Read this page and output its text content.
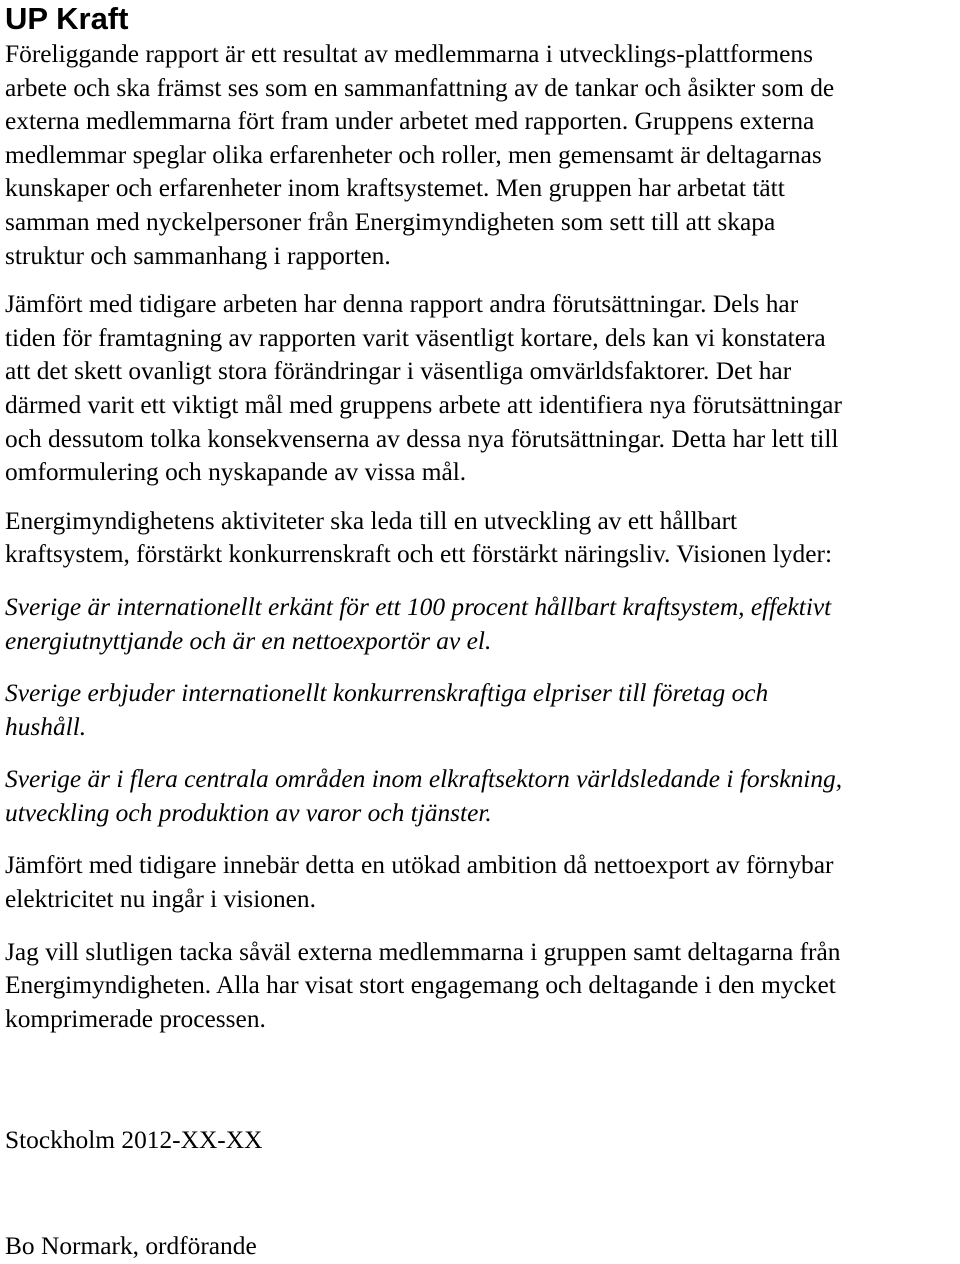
UP Kraft

Föreliggande rapport är ett resultat av medlemmarna i utvecklings-plattformens
arbete och ska främst ses som en sammanfattning av de tankar och åsikter som de
externa medlemmarna fört fram under arbetet med rapporten. Gruppens externa
medlemmar speglar olika erfarenheter och roller, men gemensamt är deltagarnas
kunskaper och erfarenheter inom kraftsystemet. Men gruppen har arbetat tätt
samman med nyckelpersoner från Energimyndigheten som sett till att skapa
struktur och sammanhang i rapporten.

Jämfört med tidigare arbeten har denna rapport andra förutsättningar. Dels har
tiden för framtagning av rapporten varit väsentligt kortare, dels kan vi konstatera
att det skett ovanligt stora förändringar i väsentliga omvärldsfaktorer. Det har
därmed varit ett viktigt mål med gruppens arbete att identifiera nya förutsättningar
och dessutom tolka konsekvenserna av dessa nya förutsättningar. Detta har lett till
omformulering och nyskapande av vissa mål.

Energimyndighetens aktiviteter ska leda till en utveckling av ett hållbart
kraftsystem, förstärkt konkurrenskraft och ett förstärkt näringsliv. Visionen lyder:

Sverige är internationellt erkänt för ett 100 procent hållbart kraftsystem, effektivt
energiutnyttjande och är en nettoexportör av el.

Sverige erbjuder internationellt konkurrenskraftiga elpriser till företag och
hushåll.

Sverige är i flera centrala områden inom elkraftsektorn världsledande i forskning,
utveckling och produktion av varor och tjänster.

Jämfört med tidigare innebär detta en utökad ambition då nettoexport av förnybar
elektricitet nu ingår i visionen.

Jag vill slutligen tacka såväl externa medlemmarna i gruppen samt deltagarna från
Energimyndigheten. Alla har visat stort engagemang och deltagande i den mycket
komprimerade processen.

Stockholm 2012-XX-XX
Bo Normark, ordförande
